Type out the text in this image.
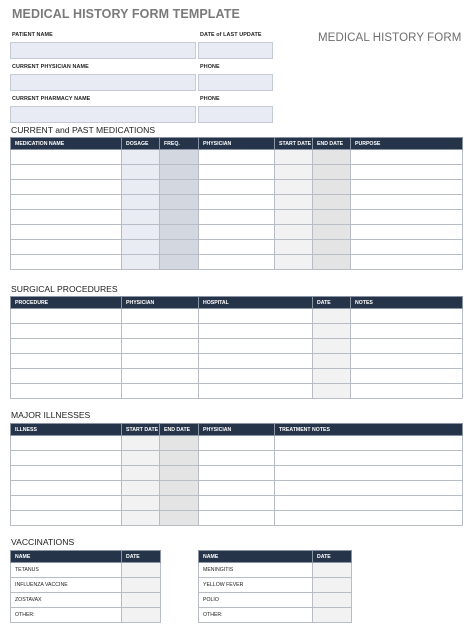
MEDICAL HISTORY FORM TEMPLATE
MEDICAL HISTORY FORM
PATIENT NAME	DATE of LAST UPDATE
CURRENT PHYSICIAN NAME	PHONE
CURRENT PHARMACY NAME	PHONE
CURRENT and PAST MEDICATIONS
MEDICATION NAME	DOSAGE	FREQ.	PHYSICIAN	START DATE	END DATE	PURPOSE

SURGICAL PROCEDURES
PROCEDURE	PHYSICIAN	HOSPITAL	DATE	NOTES

MAJOR ILLNESSES
ILLNESS	START DATE	END DATE	PHYSICIAN	TREATMENT NOTES

VACCINATIONS
NAME	DATE
TETANUS	
INFLUENZA VACCINE	
ZOSTAVAX	
OTHER:	
NAME	DATE
MENINGITIS	
YELLOW FEVER	
POLIO	
OTHER:	
